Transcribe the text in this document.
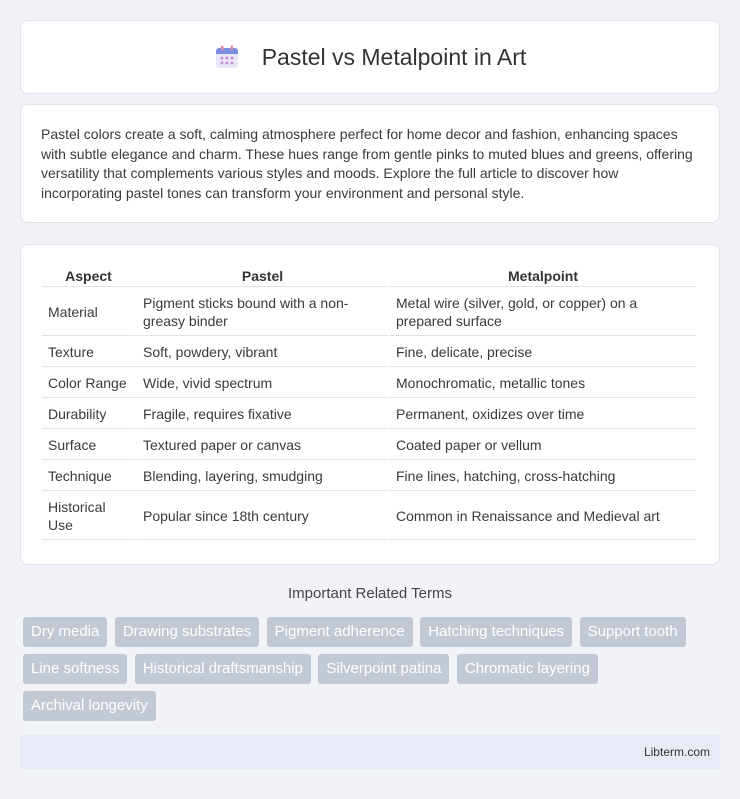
Pastel vs Metalpoint in Art

Pastel colors create a soft, calming atmosphere perfect for home decor and fashion, enhancing spaces with subtle elegance and charm. These hues range from gentle pinks to muted blues and greens, offering versatility that complements various styles and moods. Explore the full article to discover how incorporating pastel tones can transform your environment and personal style.

Aspect	Pastel	Metalpoint
Material	Pigment sticks bound with a non-greasy binder	Metal wire (silver, gold, or copper) on a prepared surface
Texture	Soft, powdery, vibrant	Fine, delicate, precise
Color Range	Wide, vivid spectrum	Monochromatic, metallic tones
Durability	Fragile, requires fixative	Permanent, oxidizes over time
Surface	Textured paper or canvas	Coated paper or vellum
Technique	Blending, layering, smudging	Fine lines, hatching, cross-hatching
Historical Use	Popular since 18th century	Common in Renaissance and Medieval art
Important Related Terms
Dry media Drawing substrates Pigment adherence Hatching techniques Support tooth Line softness Historical draftsmanship Silverpoint patina Chromatic layering Archival longevity
Libterm.com
